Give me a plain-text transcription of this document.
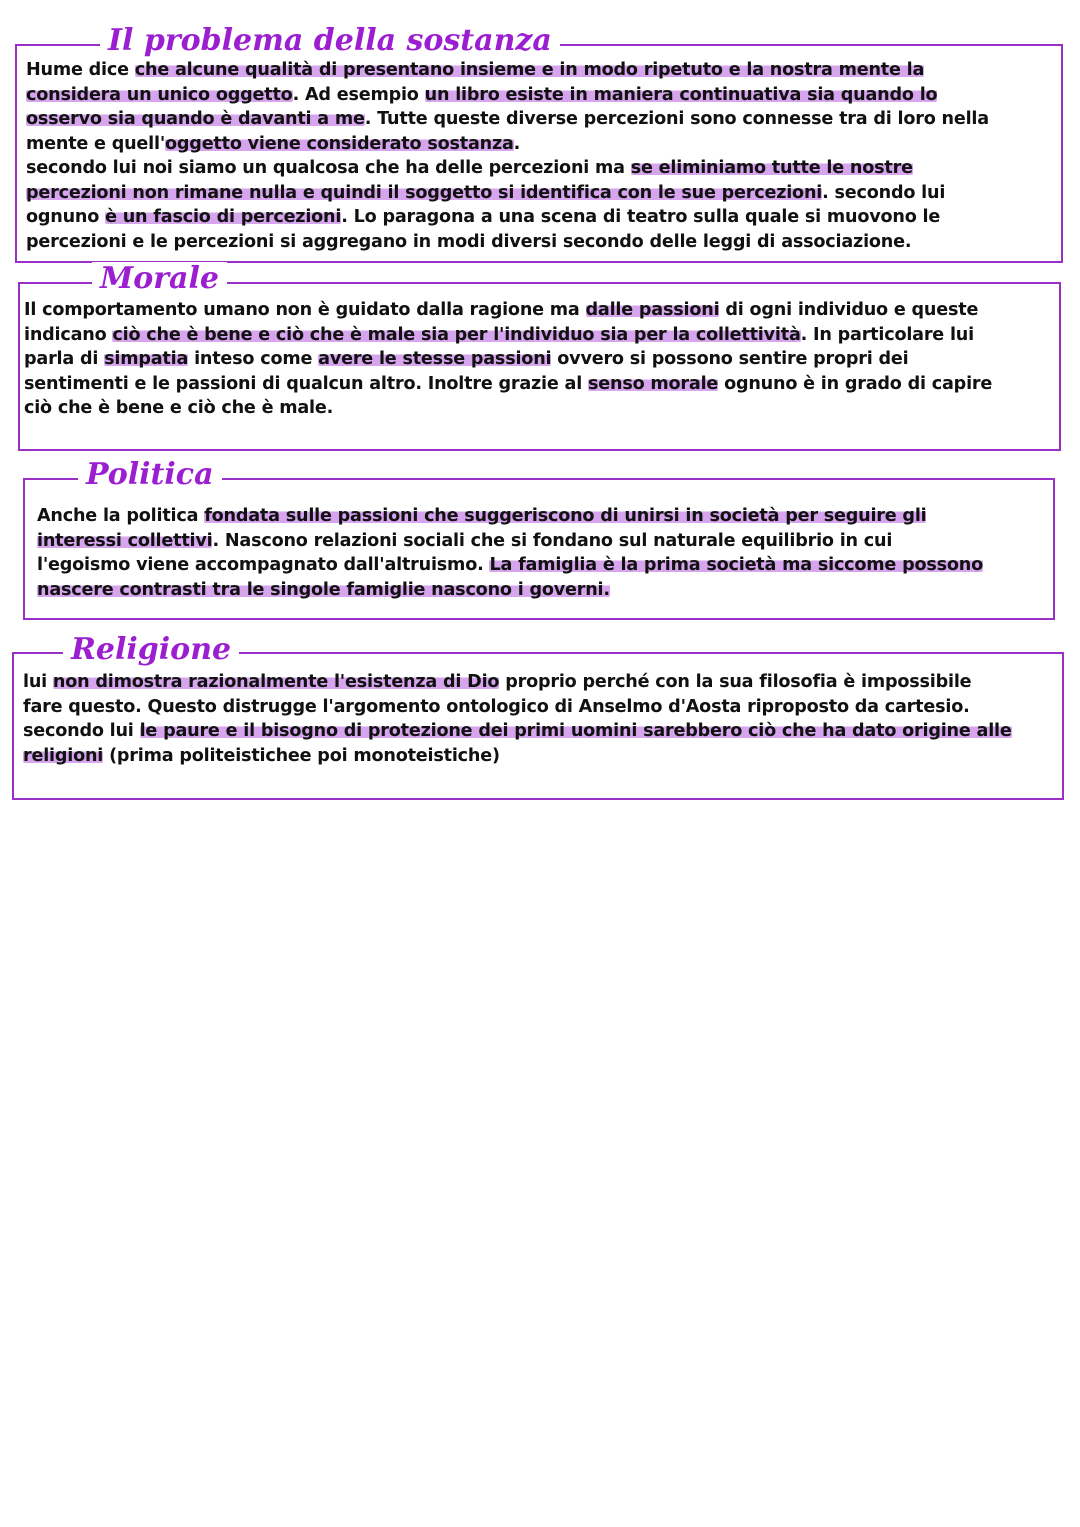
Il problema della sostanza
Hume dice che alcune qualità di presentano insieme e in modo ripetuto e la nostra mente la
considera un unico oggetto. Ad esempio un libro esiste in maniera continuativa sia quando lo
osservo sia quando è davanti a me. Tutte queste diverse percezioni sono connesse tra di loro nella
mente e quell'oggetto viene considerato sostanza.
secondo lui noi siamo un qualcosa che ha delle percezioni ma se eliminiamo tutte le nostre
percezioni non rimane nulla e quindi il soggetto si identifica con le sue percezioni. secondo lui
ognuno è un fascio di percezioni. Lo paragona a una scena di teatro sulla quale si muovono le
percezioni e le percezioni si aggregano in modi diversi secondo delle leggi di associazione.
Morale
Il comportamento umano non è guidato dalla ragione ma dalle passioni di ogni individuo e queste
indicano ciò che è bene e ciò che è male sia per l'individuo sia per la collettività. In particolare lui
parla di simpatia inteso come avere le stesse passioni ovvero si possono sentire propri dei
sentimenti e le passioni di qualcun altro. Inoltre grazie al senso morale ognuno è in grado di capire
ciò che è bene e ciò che è male.
Politica
Anche la politica fondata sulle passioni che suggeriscono di unirsi in società per seguire gli
interessi collettivi. Nascono relazioni sociali che si fondano sul naturale equilibrio in cui
l'egoismo viene accompagnato dall'altruismo. La famiglia è la prima società ma siccome possono
nascere contrasti tra le singole famiglie nascono i governi.
Religione
lui non dimostra razionalmente l'esistenza di Dio proprio perché con la sua filosofia è impossibile
fare questo. Questo distrugge l'argomento ontologico di Anselmo d'Aosta riproposto da cartesio.
secondo lui le paure e il bisogno di protezione dei primi uomini sarebbero ciò che ha dato origine alle
religioni (prima politeistichee poi monoteistiche)
